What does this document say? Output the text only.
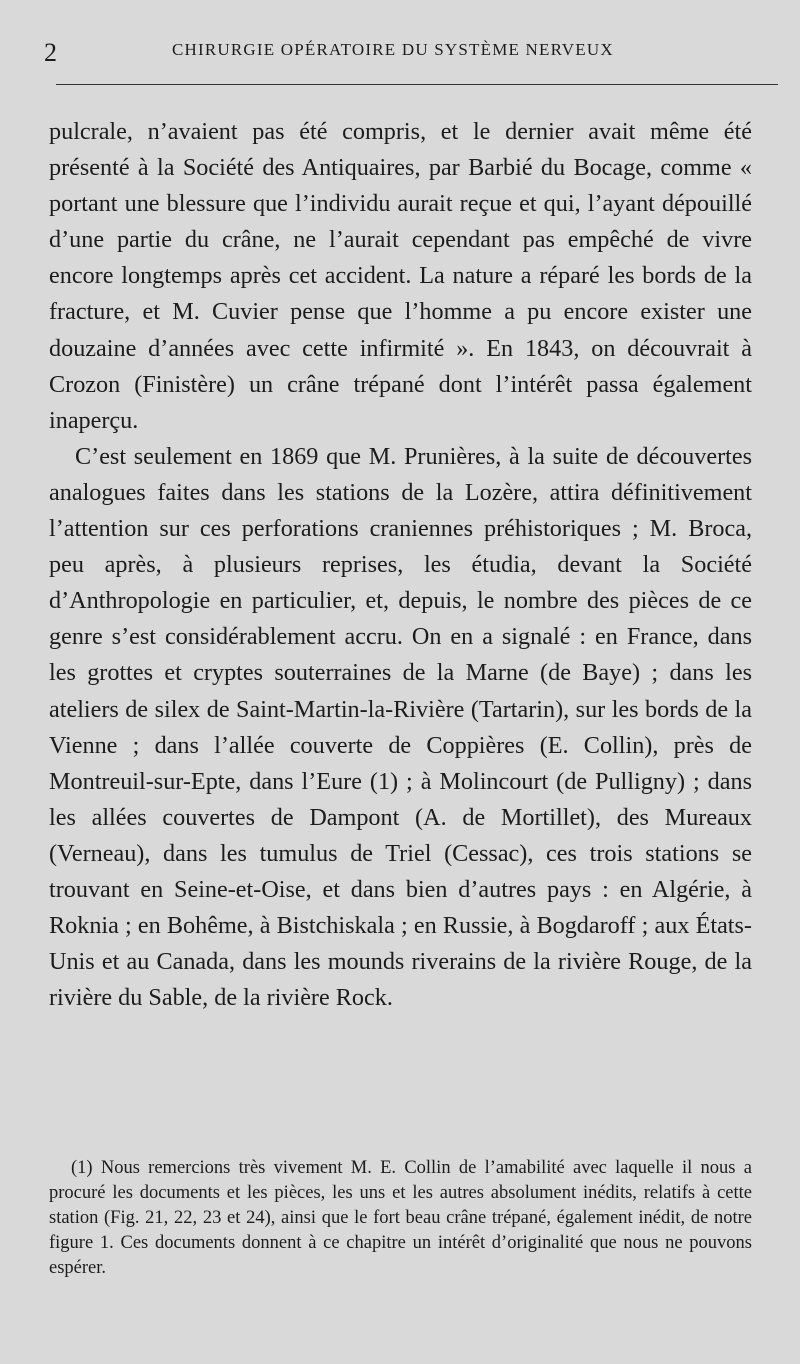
2	CHIRURGIE OPÉRATOIRE DU SYSTÈME NERVEUX

pulcrale, n’avaient pas été compris, et le dernier avait même été présenté à la Société des Antiquaires, par Barbié du Bocage, comme « portant une blessure que l’individu aurait reçue et qui, l’ayant dépouillé d’une partie du crâne, ne l’aurait cependant pas empêché de vivre encore longtemps après cet accident. La nature a réparé les bords de la fracture, et M. Cuvier pense que l’homme a pu encore exister une douzaine d’années avec cette infirmité ». En 1843, on découvrait à Crozon (Finistère) un crâne trépané dont l’intérêt passa également inaperçu.

C’est seulement en 1869 que M. Prunières, à la suite de découvertes analogues faites dans les stations de la Lozère, attira définitivement l’attention sur ces perforations craniennes préhistoriques ; M. Broca, peu après, à plusieurs reprises, les étudia, devant la Société d’Anthropologie en particulier, et, depuis, le nombre des pièces de ce genre s’est considérablement accru. On en a signalé : en France, dans les grottes et cryptes souterraines de la Marne (de Baye) ; dans les ateliers de silex de Saint-Martin-la-Rivière (Tartarin), sur les bords de la Vienne ; dans l’allée couverte de Coppières (E. Collin), près de Montreuil-sur-Epte, dans l’Eure (1) ; à Molincourt (de Pulligny) ; dans les allées couvertes de Dampont (A. de Mortillet), des Mureaux (Verneau), dans les tumulus de Triel (Cessac), ces trois stations se trouvant en Seine-et-Oise, et dans bien d’autres pays : en Algérie, à Roknia ; en Bohême, à Bistchiskala ; en Russie, à Bogdaroff ; aux États-Unis et au Canada, dans les mounds riverains de la rivière Rouge, de la rivière du Sable, de la rivière Rock.

(1) Nous remercions très vivement M. E. Collin de l’amabilité avec laquelle il nous a procuré les documents et les pièces, les uns et les autres absolument inédits, relatifs à cette station (Fig. 21, 22, 23 et 24), ainsi que le fort beau crâne trépané, également inédit, de notre figure 1. Ces documents donnent à ce chapitre un intérêt d’originalité que nous ne pouvons espérer.
